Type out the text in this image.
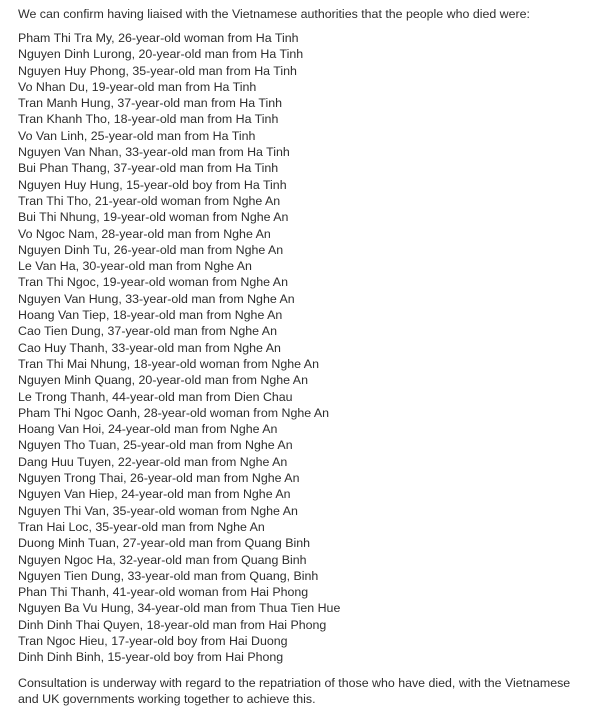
We can confirm having liaised with the Vietnamese authorities that the people who died were:

Pham Thi Tra My, 26-year-old woman from Ha Tinh
Nguyen Dinh Lurong, 20-year-old man from Ha Tinh
Nguyen Huy Phong, 35-year-old man from Ha Tinh
Vo Nhan Du, 19-year-old man from Ha Tinh
Tran Manh Hung, 37-year-old man from Ha Tinh
Tran Khanh Tho, 18-year-old man from Ha Tinh
Vo Van Linh, 25-year-old man from Ha Tinh
Nguyen Van Nhan, 33-year-old man from Ha Tinh
Bui Phan Thang, 37-year-old man from Ha Tinh
Nguyen Huy Hung, 15-year-old boy from Ha Tinh
Tran Thi Tho, 21-year-old woman from Nghe An
Bui Thi Nhung, 19-year-old woman from Nghe An
Vo Ngoc Nam, 28-year-old man from Nghe An
Nguyen Dinh Tu, 26-year-old man from Nghe An
Le Van Ha, 30-year-old man from Nghe An
Tran Thi Ngoc, 19-year-old woman from Nghe An
Nguyen Van Hung, 33-year-old man from Nghe An
Hoang Van Tiep, 18-year-old man from Nghe An
Cao Tien Dung, 37-year-old man from Nghe An
Cao Huy Thanh, 33-year-old man from Nghe An
Tran Thi Mai Nhung, 18-year-old woman from Nghe An
Nguyen Minh Quang, 20-year-old man from Nghe An
Le Trong Thanh, 44-year-old man from Dien Chau
Pham Thi Ngoc Oanh, 28-year-old woman from Nghe An
Hoang Van Hoi, 24-year-old man from Nghe An
Nguyen Tho Tuan, 25-year-old man from Nghe An
Dang Huu Tuyen, 22-year-old man from Nghe An
Nguyen Trong Thai, 26-year-old man from Nghe An
Nguyen Van Hiep, 24-year-old man from Nghe An
Nguyen Thi Van, 35-year-old woman from Nghe An
Tran Hai Loc, 35-year-old man from Nghe An
Duong Minh Tuan, 27-year-old man from Quang Binh
Nguyen Ngoc Ha, 32-year-old man from Quang Binh
Nguyen Tien Dung, 33-year-old man from Quang, Binh
Phan Thi Thanh, 41-year-old woman from Hai Phong
Nguyen Ba Vu Hung, 34-year-old man from Thua Tien Hue
Dinh Dinh Thai Quyen, 18-year-old man from Hai Phong
Tran Ngoc Hieu, 17-year-old boy from Hai Duong
Dinh Dinh Binh, 15-year-old boy from Hai Phong

Consultation is underway with regard to the repatriation of those who have died, with the Vietnamese and UK governments working together to achieve this.
